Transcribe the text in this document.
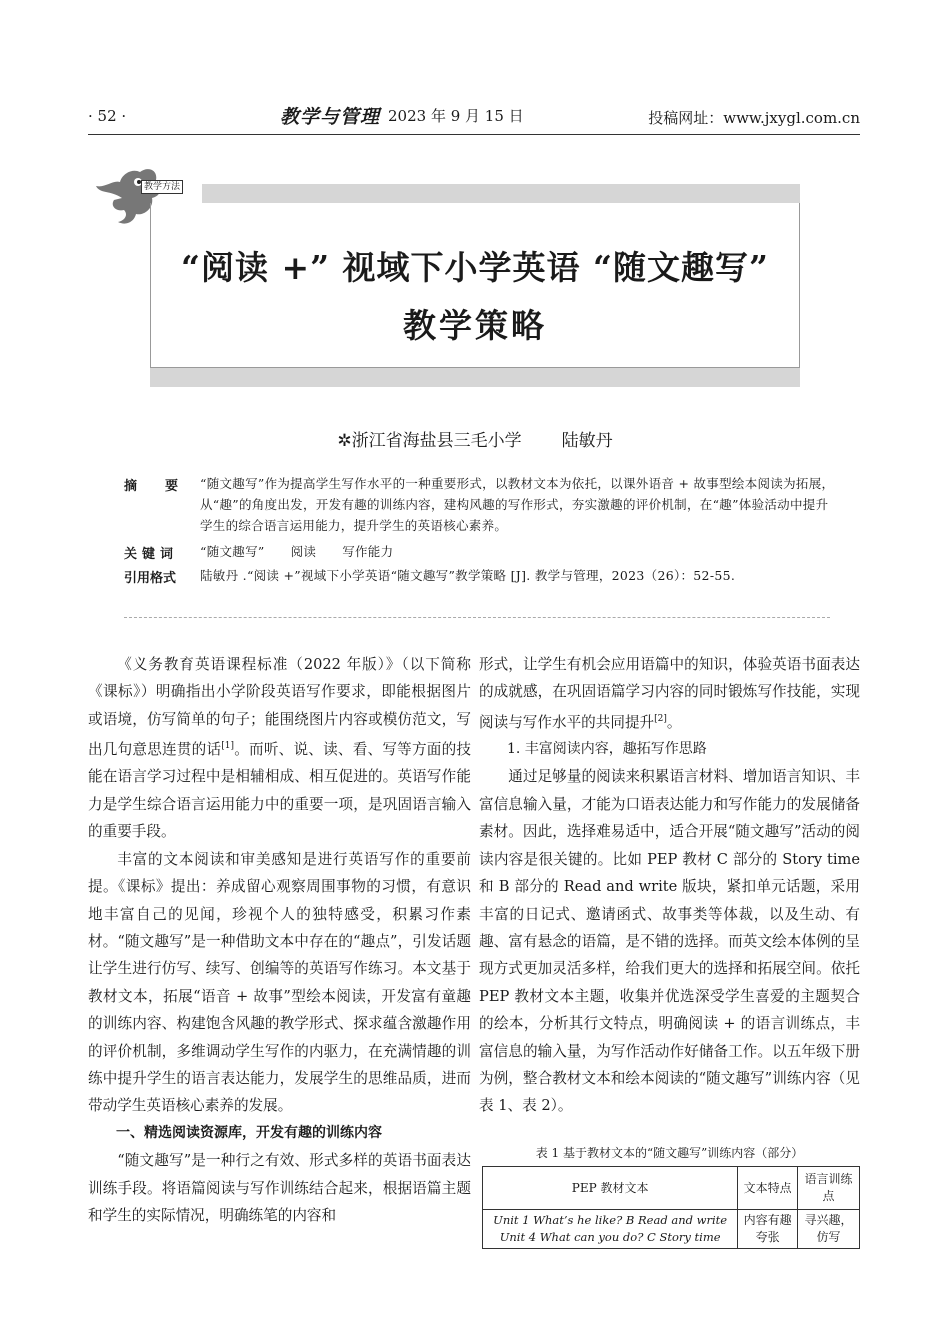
· 52 ·	教学与管理 2023 年 9 月 15 日	投稿网址：www.jxygl.com.cn
教学方法
“阅读 +” 视域下小学英语 “随文趣写”
教学策略
✲浙江省海盐县三毛小学 陆敏丹
摘要
“随文趣写”作为提高学生写作水平的一种重要形式，以教材文本为依托，以课外语音 + 故事型绘本阅读为拓展，从“趣”的角度出发，开发有趣的训练内容，建构风趣的写作形式，夯实激趣的评价机制，在“趣”体验活动中提升学生的综合语言运用能力，提升学生的英语核心素养。
关键词 “随文趣写” 阅读 写作能力
引用格式 陆敏丹 .“阅读 +”视域下小学英语“随文趣写”教学策略 [J]. 教学与管理，2023（26）：52-55.

《义务教育英语课程标准（2022 年版）》（以下简称《课标》）明确指出小学阶段英语写作要求，即能根据图片或语境，仿写简单的句子；能围绕图片内容或模仿范文，写出几句意思连贯的话[1]。而听、说、读、看、写等方面的技能在语言学习过程中是相辅相成、相互促进的。英语写作能力是学生综合语言运用能力中的重要一项，是巩固语言输入的重要手段。

丰富的文本阅读和审美感知是进行英语写作的重要前提。《课标》提出：养成留心观察周围事物的习惯，有意识地丰富自己的见闻，珍视个人的独特感受，积累习作素材。“随文趣写”是一种借助文本中存在的“趣点”，引发话题让学生进行仿写、续写、创编等的英语写作练习。本文基于教材文本，拓展“语音 + 故事”型绘本阅读，开发富有童趣的训练内容、构建饱含风趣的教学形式、探求蕴含激趣作用的评价机制，多维调动学生写作的内驱力，在充满情趣的训练中提升学生的语言表达能力，发展学生的思维品质，进而带动学生英语核心素养的发展。

一、精选阅读资源库，开发有趣的训练内容

“随文趣写”是一种行之有效、形式多样的英语书面表达训练手段。将语篇阅读与写作训练结合起来，根据语篇主题和学生的实际情况，明确练笔的内容和

形式，让学生有机会应用语篇中的知识，体验英语书面表达的成就感，在巩固语篇学习内容的同时锻炼写作技能，实现阅读与写作水平的共同提升[2]。

1. 丰富阅读内容，趣拓写作思路

通过足够量的阅读来积累语言材料、增加语言知识、丰富信息输入量，才能为口语表达能力和写作能力的发展储备素材。因此，选择难易适中，适合开展“随文趣写”活动的阅读内容是很关键的。比如 PEP 教材 C 部分的 Story time 和 B 部分的 Read and write 版块，紧扣单元话题，采用丰富的日记式、邀请函式、故事类等体裁，以及生动、有趣、富有悬念的语篇，是不错的选择。而英文绘本体例的呈现方式更加灵活多样，给我们更大的选择和拓展空间。依托 PEP 教材文本主题，收集并优选深受学生喜爱的主题契合的绘本，分析其行文特点，明确阅读 + 的语言训练点，丰富信息的输入量，为写作活动作好储备工作。以五年级下册为例，整合教材文本和绘本阅读的“随文趣写”训练内容（见表 1、表 2）。

表 1 基于教材文本的“随文趣写”训练内容（部分）
PEP 教材文本	文本特点	语言训练点

Unit 1 What’s he like? B Read and write
Unit 4 What can you do? C Story time	内容有趣夸张	寻兴趣，仿写
